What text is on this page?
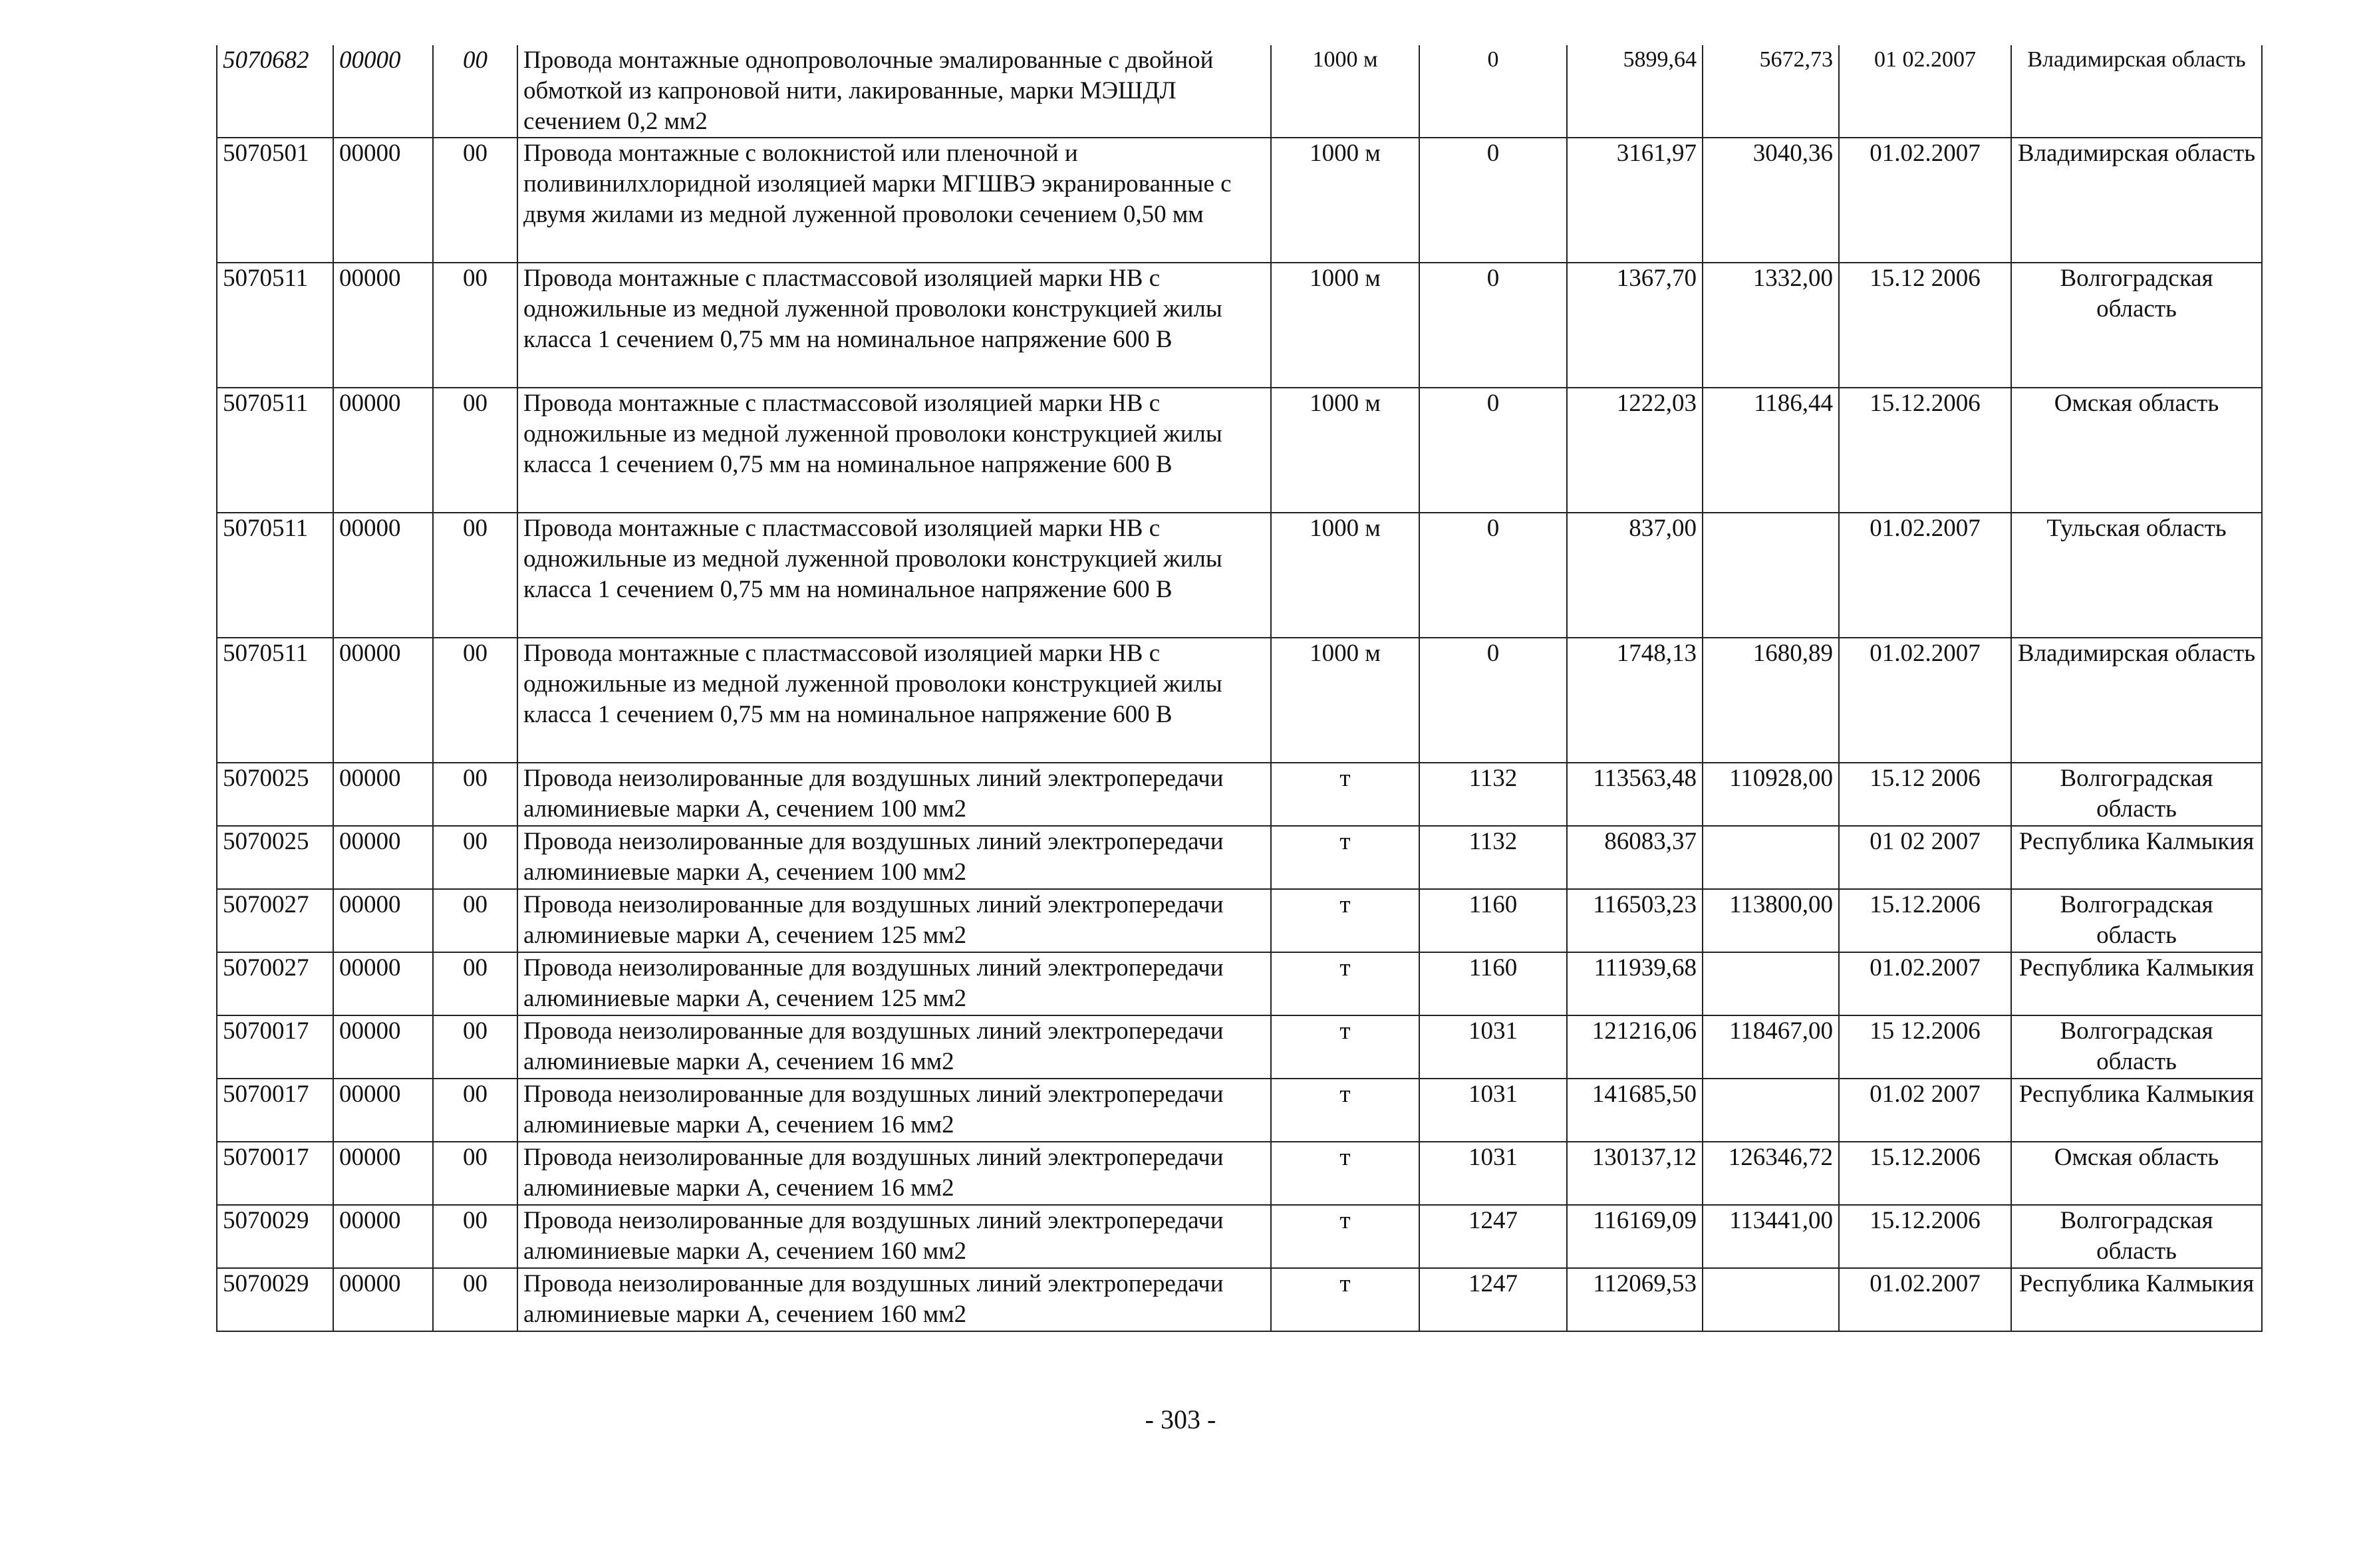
5070682	00000	00	Провода монтажные однопроволочные эмалированные с двойной обмоткой из капроновой нити, лакированные, марки МЭШДЛ сечением 0,2 мм2	1000 м	0	5899,64	5672,73	01 02.2007	Владимирская область
5070501	00000	00	Провода монтажные с волокнистой или пленочной и поливинилхлоридной изоляцией марки МГШВЭ экранированные с двумя жилами из медной луженной проволоки сечением 0,50 мм	1000 м	0	3161,97	3040,36	01.02.2007	Владимирская область
5070511	00000	00	Провода монтажные с пластмассовой изоляцией марки НВ с одножильные из медной луженной проволоки конструкцией жилы класса 1 сечением 0,75 мм на номинальное напряжение 600 В	1000 м	0	1367,70	1332,00	15.12 2006	Волгоградская область
5070511	00000	00	Провода монтажные с пластмассовой изоляцией марки НВ с одножильные из медной луженной проволоки конструкцией жилы класса 1 сечением 0,75 мм на номинальное напряжение 600 В	1000 м	0	1222,03	1186,44	15.12.2006	Омская область
5070511	00000	00	Провода монтажные с пластмассовой изоляцией марки НВ с одножильные из медной луженной проволоки конструкцией жилы класса 1 сечением 0,75 мм на номинальное напряжение 600 В	1000 м	0	837,00		01.02.2007	Тульская область
5070511	00000	00	Провода монтажные с пластмассовой изоляцией марки НВ с одножильные из медной луженной проволоки конструкцией жилы класса 1 сечением 0,75 мм на номинальное напряжение 600 В	1000 м	0	1748,13	1680,89	01.02.2007	Владимирская область
5070025	00000	00	Провода неизолированные для воздушных линий электропередачи алюминиевые марки А, сечением 100 мм2	т	1132	113563,48	110928,00	15.12 2006	Волгоградская область
5070025	00000	00	Провода неизолированные для воздушных линий электропередачи алюминиевые марки А, сечением 100 мм2	т	1132	86083,37		01 02 2007	Республика Калмыкия
5070027	00000	00	Провода неизолированные для воздушных линий электропередачи алюминиевые марки А, сечением 125 мм2	т	1160	116503,23	113800,00	15.12.2006	Волгоградская область
5070027	00000	00	Провода неизолированные для воздушных линий электропередачи алюминиевые марки А, сечением 125 мм2	т	1160	111939,68		01.02.2007	Республика Калмыкия
5070017	00000	00	Провода неизолированные для воздушных линий электропередачи алюминиевые марки А, сечением 16 мм2	т	1031	121216,06	118467,00	15 12.2006	Волгоградская область
5070017	00000	00	Провода неизолированные для воздушных линий электропередачи алюминиевые марки А, сечением 16 мм2	т	1031	141685,50		01.02 2007	Республика Калмыкия
5070017	00000	00	Провода неизолированные для воздушных линий электропередачи алюминиевые марки А, сечением 16 мм2	т	1031	130137,12	126346,72	15.12.2006	Омская область
5070029	00000	00	Провода неизолированные для воздушных линий электропередачи алюминиевые марки А, сечением 160 мм2	т	1247	116169,09	113441,00	15.12.2006	Волгоградская область
5070029	00000	00	Провода неизолированные для воздушных линий электропередачи алюминиевые марки А, сечением 160 мм2	т	1247	112069,53		01.02.2007	Республика Калмыкия
- 303 -
